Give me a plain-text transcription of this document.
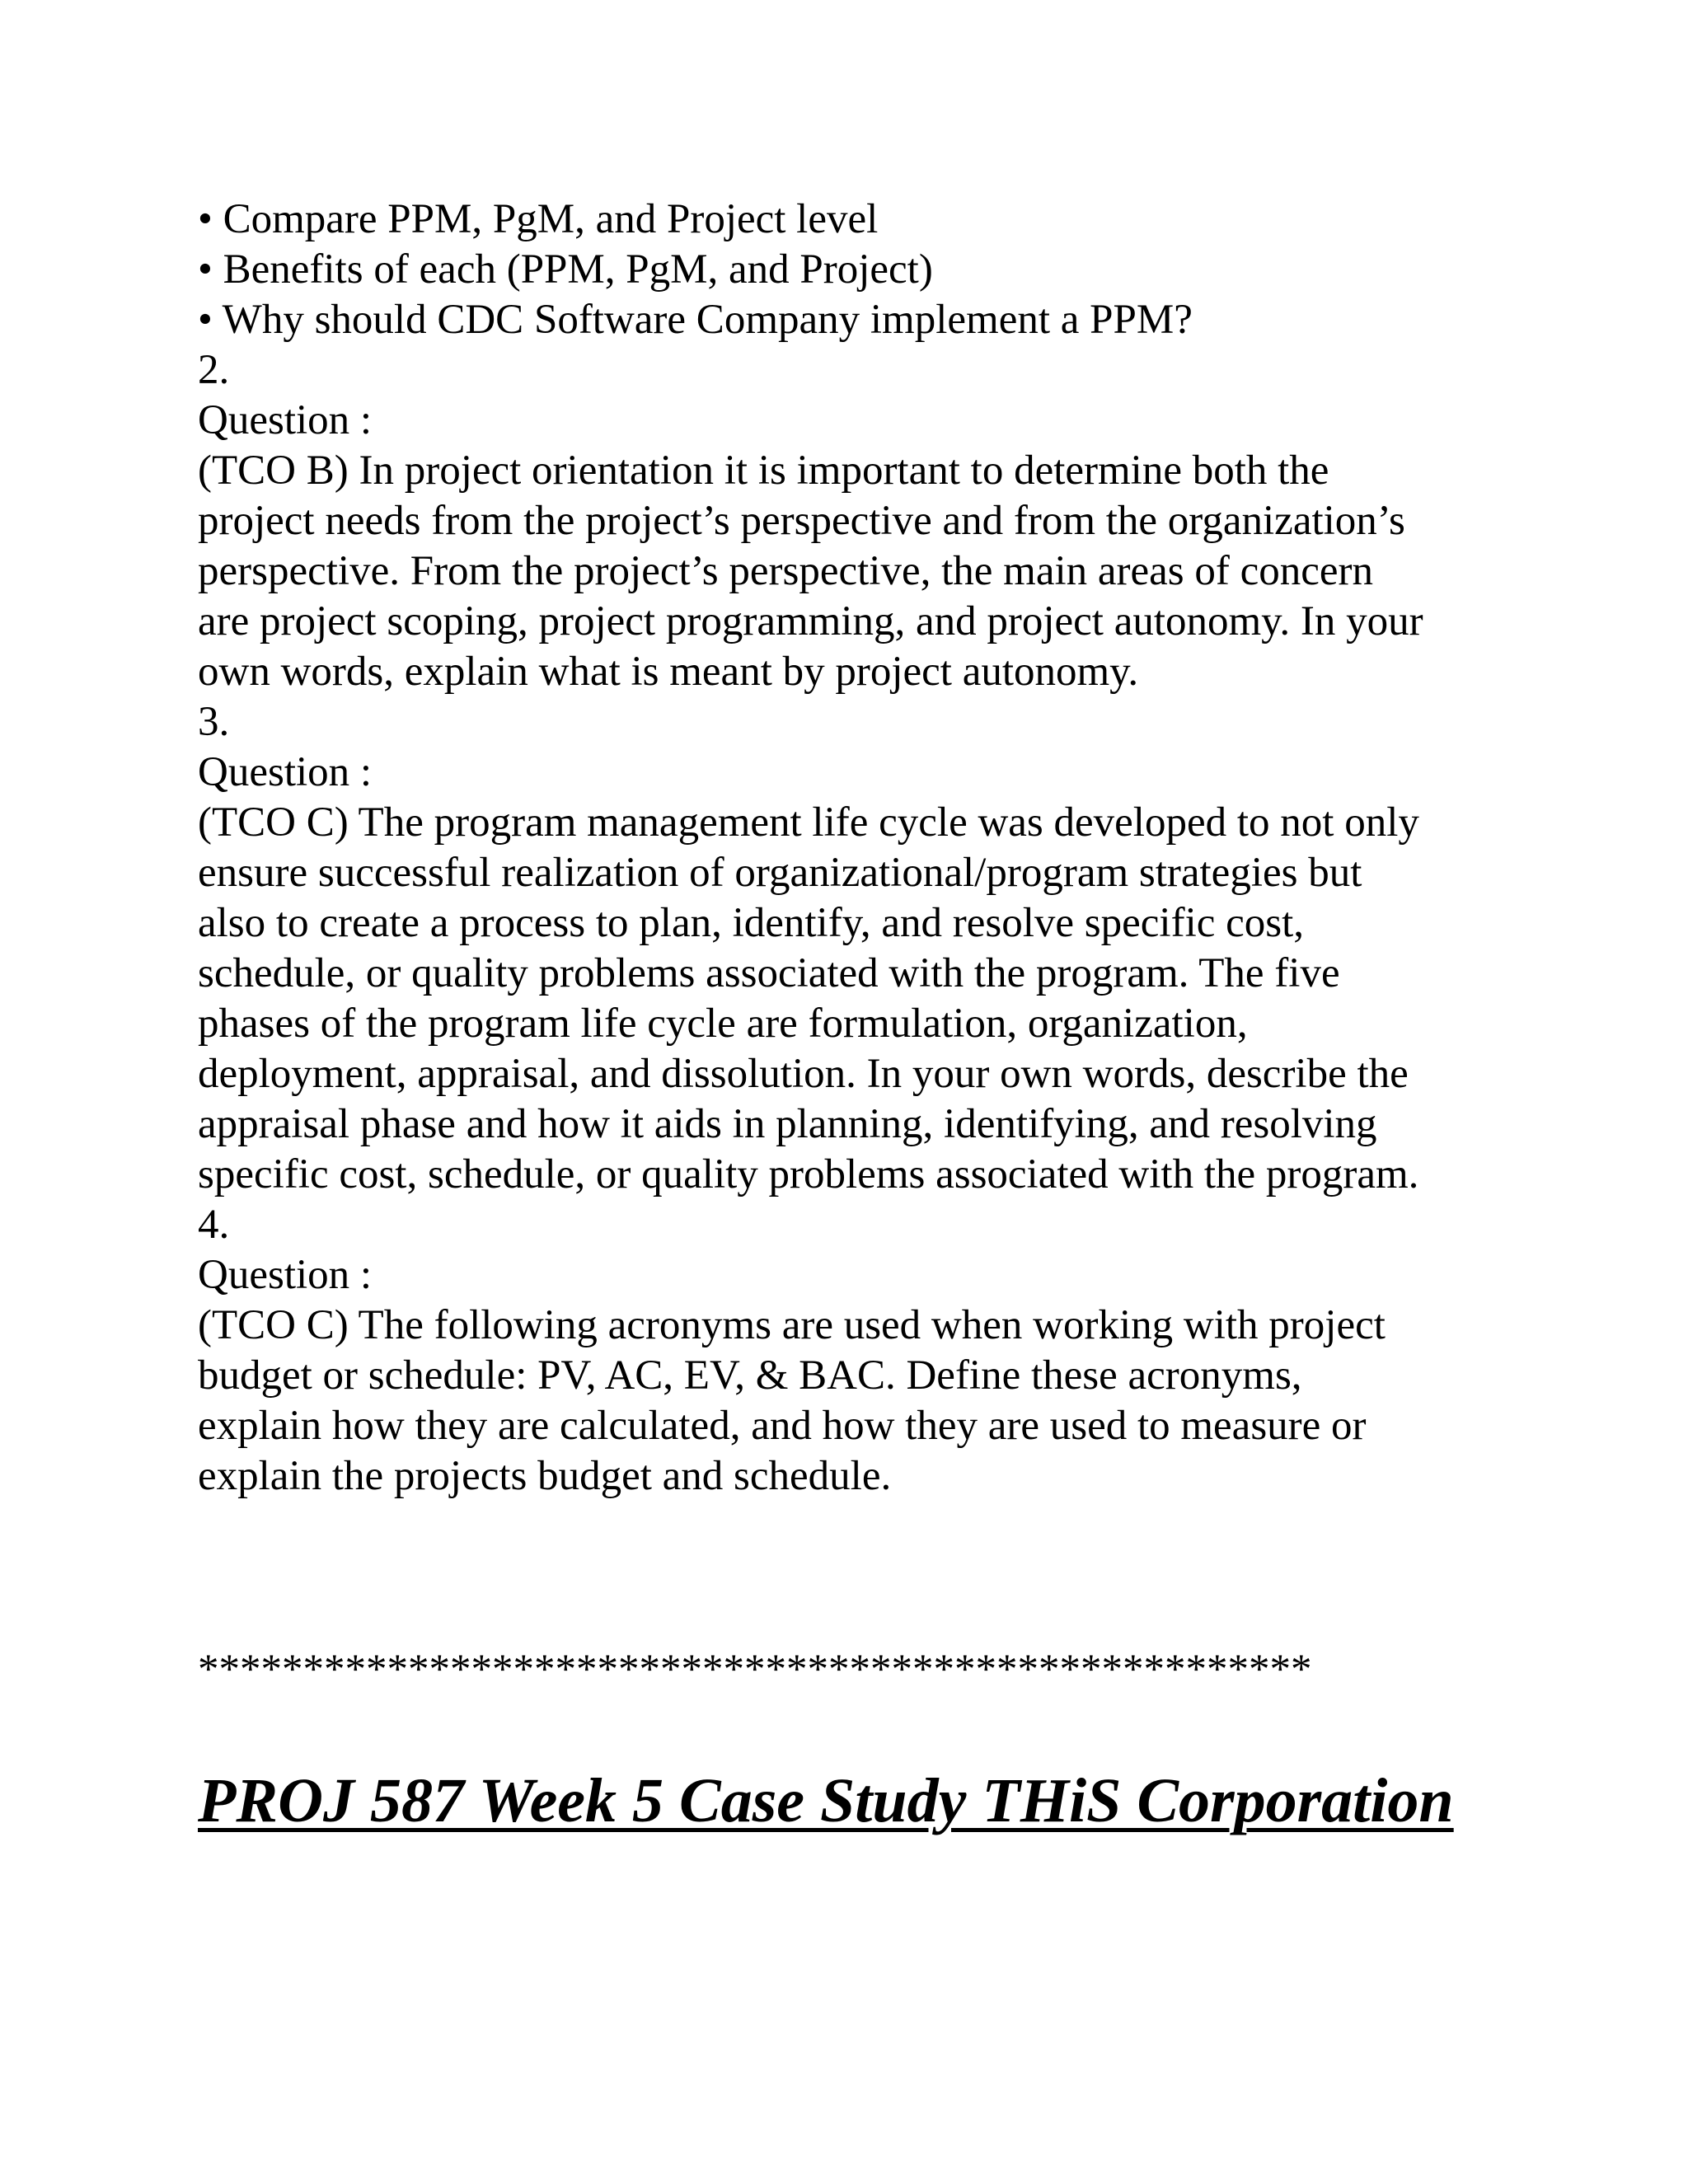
• Compare PPM, PgM, and Project level
• Benefits of each (PPM, PgM, and Project)
• Why should CDC Software Company implement a PPM?
2.
Question :
(TCO B) In project orientation it is important to determine both the
project needs from the project’s perspective and from the organization’s
perspective. From the project’s perspective, the main areas of concern
are project scoping, project programming, and project autonomy. In your
own words, explain what is meant by project autonomy.
3.
Question :
(TCO C) The program management life cycle was developed to not only
ensure successful realization of organizational/program strategies but
also to create a process to plan, identify, and resolve specific cost,
schedule, or quality problems associated with the program. The five
phases of the program life cycle are formulation, organization,
deployment, appraisal, and dissolution. In your own words, describe the
appraisal phase and how it aids in planning, identifying, and resolving
specific cost, schedule, or quality problems associated with the program.
4.
Question :
(TCO C) The following acronyms are used when working with project
budget or schedule: PV, AC, EV, & BAC. Define these acronyms,
explain how they are calculated, and how they are used to measure or
explain the projects budget and schedule.
*****************************************************
PROJ 587 Week 5 Case Study THiS Corporation
